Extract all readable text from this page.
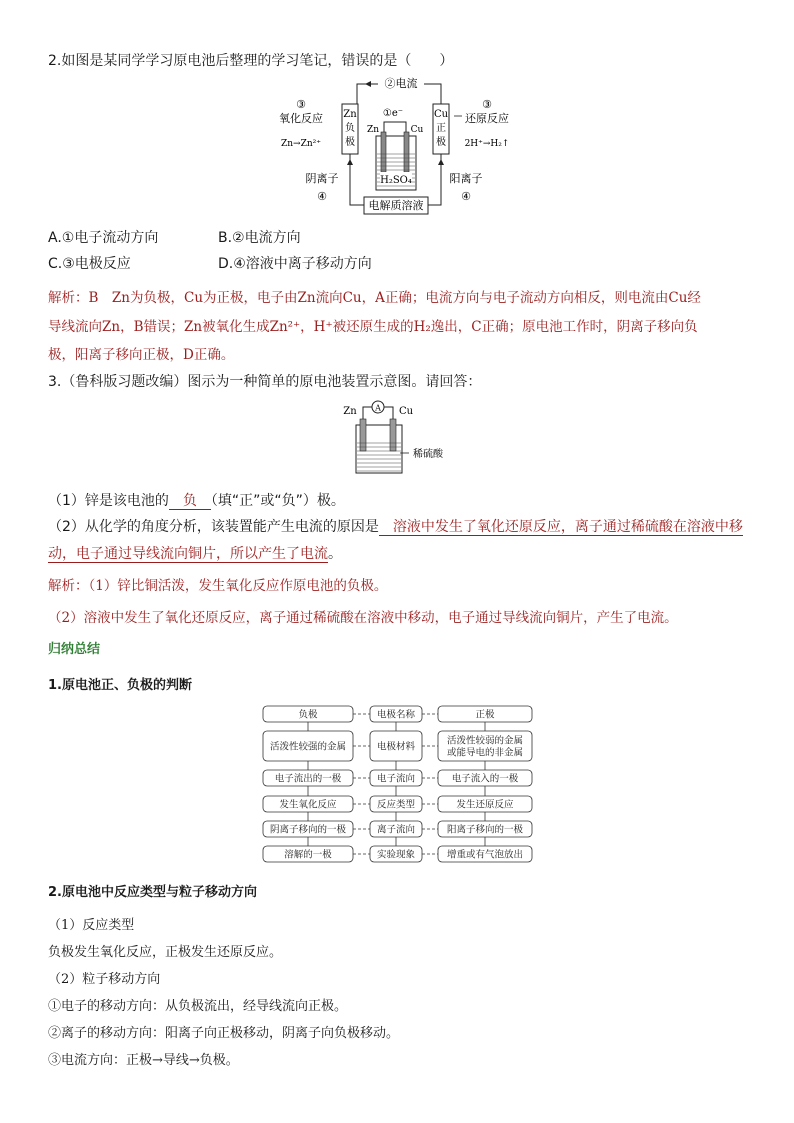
2.如图是某同学学习原电池后整理的学习笔记，错误的是（　　）
②电流
③
氧化反应
Zn→Zn²⁺
Zn
负
极
Cu
正
极
③
还原反应
2H⁺→H₂↑
①e⁻
Zn	Cu
H₂SO₄
阴离子
④
阳离子
④
电解质溶液
A.①电子流动方向	B.②电流方向
C.③电极反应	D.④溶液中离子移动方向
解析：B　Zn为负极，Cu为正极，电子由Zn流向Cu，A正确；电流方向与电子流动方向相反，则电流由Cu经
导线流向Zn，B错误；Zn被氧化生成Zn²⁺，H⁺被还原生成的H₂逸出，C正确；原电池工作时，阴离子移向负
极，阳离子移向正极，D正确。
3.（鲁科版习题改编）图示为一种简单的原电池装置示意图。请回答：
Zn	Cu
A
稀硫酸
（1）锌是该电池的　负　（填“正”或“负”）极。
（2）从化学的角度分析，该装置能产生电流的原因是　溶液中发生了氧化还原反应，离子通过稀硫酸在溶液中移
动，电子通过导线流向铜片，所以产生了电流。
解析：（1）锌比铜活泼，发生氧化反应作原电池的负极。
（2）溶液中发生了氧化还原反应，离子通过稀硫酸在溶液中移动，电子通过导线流向铜片，产生了电流。
归纳总结
1.原电池正、负极的判断
负极	电极名称	正极
活泼性较强的金属	电极材料
活泼性较弱的金属
或能导电的非金属
电子流出的一极	电子流向	电子流入的一极
发生氧化反应	反应类型	发生还原反应
阴离子移向的一极	离子流向	阳离子移向的一极
溶解的一极	实验现象	增重或有气泡放出
2.原电池中反应类型与粒子移动方向
（1）反应类型
负极发生氧化反应，正极发生还原反应。
（2）粒子移动方向
①电子的移动方向：从负极流出，经导线流向正极。
②离子的移动方向：阳离子向正极移动，阴离子向负极移动。
③电流方向：正极→导线→负极。
